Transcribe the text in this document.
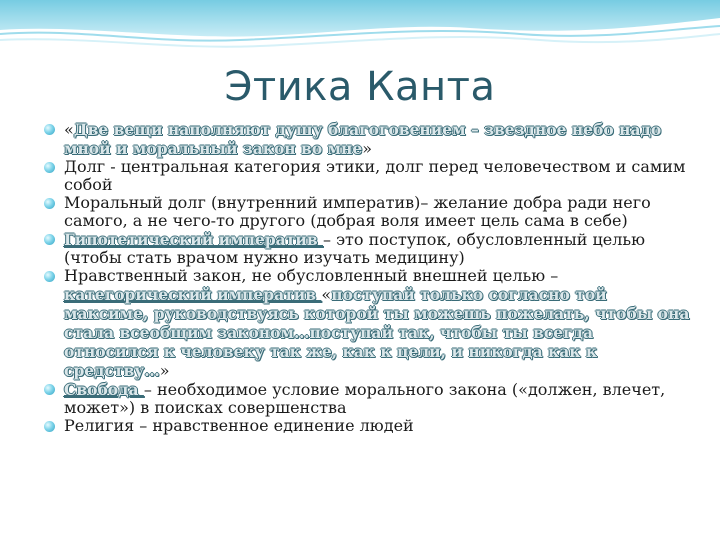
Этика Канта
«Две вещи наполняют душу благоговением – звездное небо надо мной и моральный закон во мне»
Долг - центральная категория этики, долг перед человечеством и самим собой
Моральный долг (внутренний императив)– желание добра ради него самого, а не чего-то другого (добрая воля имеет цель сама в себе)
Гипотетический императив – это поступок, обусловленный целью (чтобы стать врачом нужно изучать медицину)
Нравственный закон, не обусловленный внешней целью – категорический императив «поступай только согласно той максиме, руководствуясь которой ты можешь пожелать, чтобы она стала всеобщим законом…поступай так, чтобы ты всегда относился к человеку так же, как к цели, и никогда как к средству…»
Свобода – необходимое условие морального закона («должен, влечет, может») в поисках совершенства
Религия – нравственное единение людей
